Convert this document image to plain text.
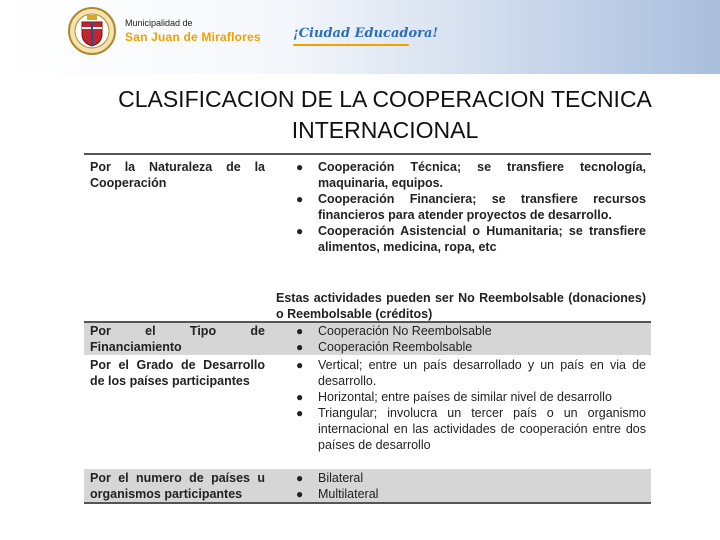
Municipalidad de
San Juan de Miraflores ¡Ciudad Educadora!
CLASIFICACION DE LA COOPERACION TECNICA
INTERNACIONAL
Por la Naturaleza de la Cooperación
● Cooperación Técnica; se transfiere tecnología, maquinaria, equipos.
● Cooperación Financiera; se transfiere recursos financieros para atender proyectos de desarrollo.
● Cooperación Asistencial o Humanitaria; se transfiere alimentos, medicina, ropa, etc
Estas actividades pueden ser No Reembolsable (donaciones) o Reembolsable (créditos)
Por el Tipo de Financiamiento
● Cooperación No Reembolsable
● Cooperación Reembolsable
Por el Grado de Desarrollo de los países participantes
● Vertical; entre un país desarrollado y un país en via de desarrollo.
● Horizontal; entre países de similar nivel de desarrollo
● Triangular; involucra un tercer país o un organismo internacional en las actividades de cooperación entre dos países de desarrollo
Por el numero de países u organismos participantes
● Bilateral
● Multilateral
